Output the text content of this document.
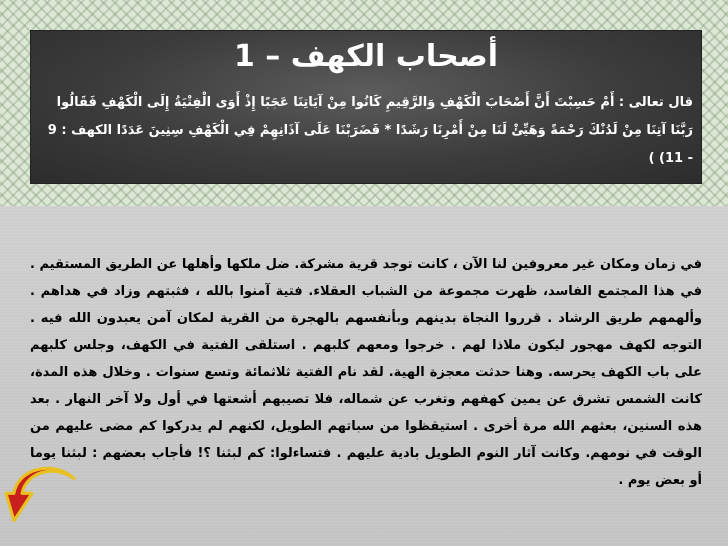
أصحاب الكهف – 1
قال تعالى : أَمْ حَسِبْتَ أَنَّ أَصْحَابَ الْكَهْفِ وَالرَّقِيمِ كَانُوا مِنْ آيَاتِنَا عَجَبًا إِذْ أَوَى الْفِتْيَةُ إِلَى الْكَهْفِ فَقَالُوا رَبَّنَا آتِنَا مِنْ لَدُنْكَ رَحْمَةً وَهَيِّئْ لَنَا مِنْ أَمْرِنَا رَشَدًا * فَضَرَبْنَا عَلَى آذَانِهِمْ فِي الْكَهْفِ سِنِينَ عَدَدًا الكهف : 9 - 11) )

في زمان ومكان غير معروفين لنا الآن ، كانت توجد قرية مشركة. ضل ملكها وأهلها عن الطريق المستقيم . في هذا المجتمع الفاسد، ظهرت مجموعة من الشباب العقلاء. فتية آمنوا بالله ، فثبتهم وزاد في هداهم . وألهمهم طريق الرشاد . قرروا النجاة بدينهم وبأنفسهم بالهجرة من القرية لمكان آمن يعبدون الله فيه . التوجه لكهف مهجور ليكون ملاذا لهم . خرجوا ومعهم كلبهم . استلقى الفتية في الكهف، وجلس كلبهم على باب الكهف يحرسه. وهنا حدثت معجزة الهية. لقد نام الفتية ثلاثمائة وتسع سنوات . وخلال هذه المدة، كانت الشمس تشرق عن يمين كهفهم وتغرب عن شماله، فلا تصيبهم أشعتها في أول ولا آخر النهار . بعد هذه السنين، بعثهم الله مرة أخرى . استيقظوا من سباتهم الطويل، لكنهم لم يدركوا كم مضى عليهم من الوقت في نومهم. وكانت آثار النوم الطويل بادية عليهم . فتساءلوا: كم لبثنا ؟! فأجاب بعضهم : لبثنا يوما أو بعض يوم .
